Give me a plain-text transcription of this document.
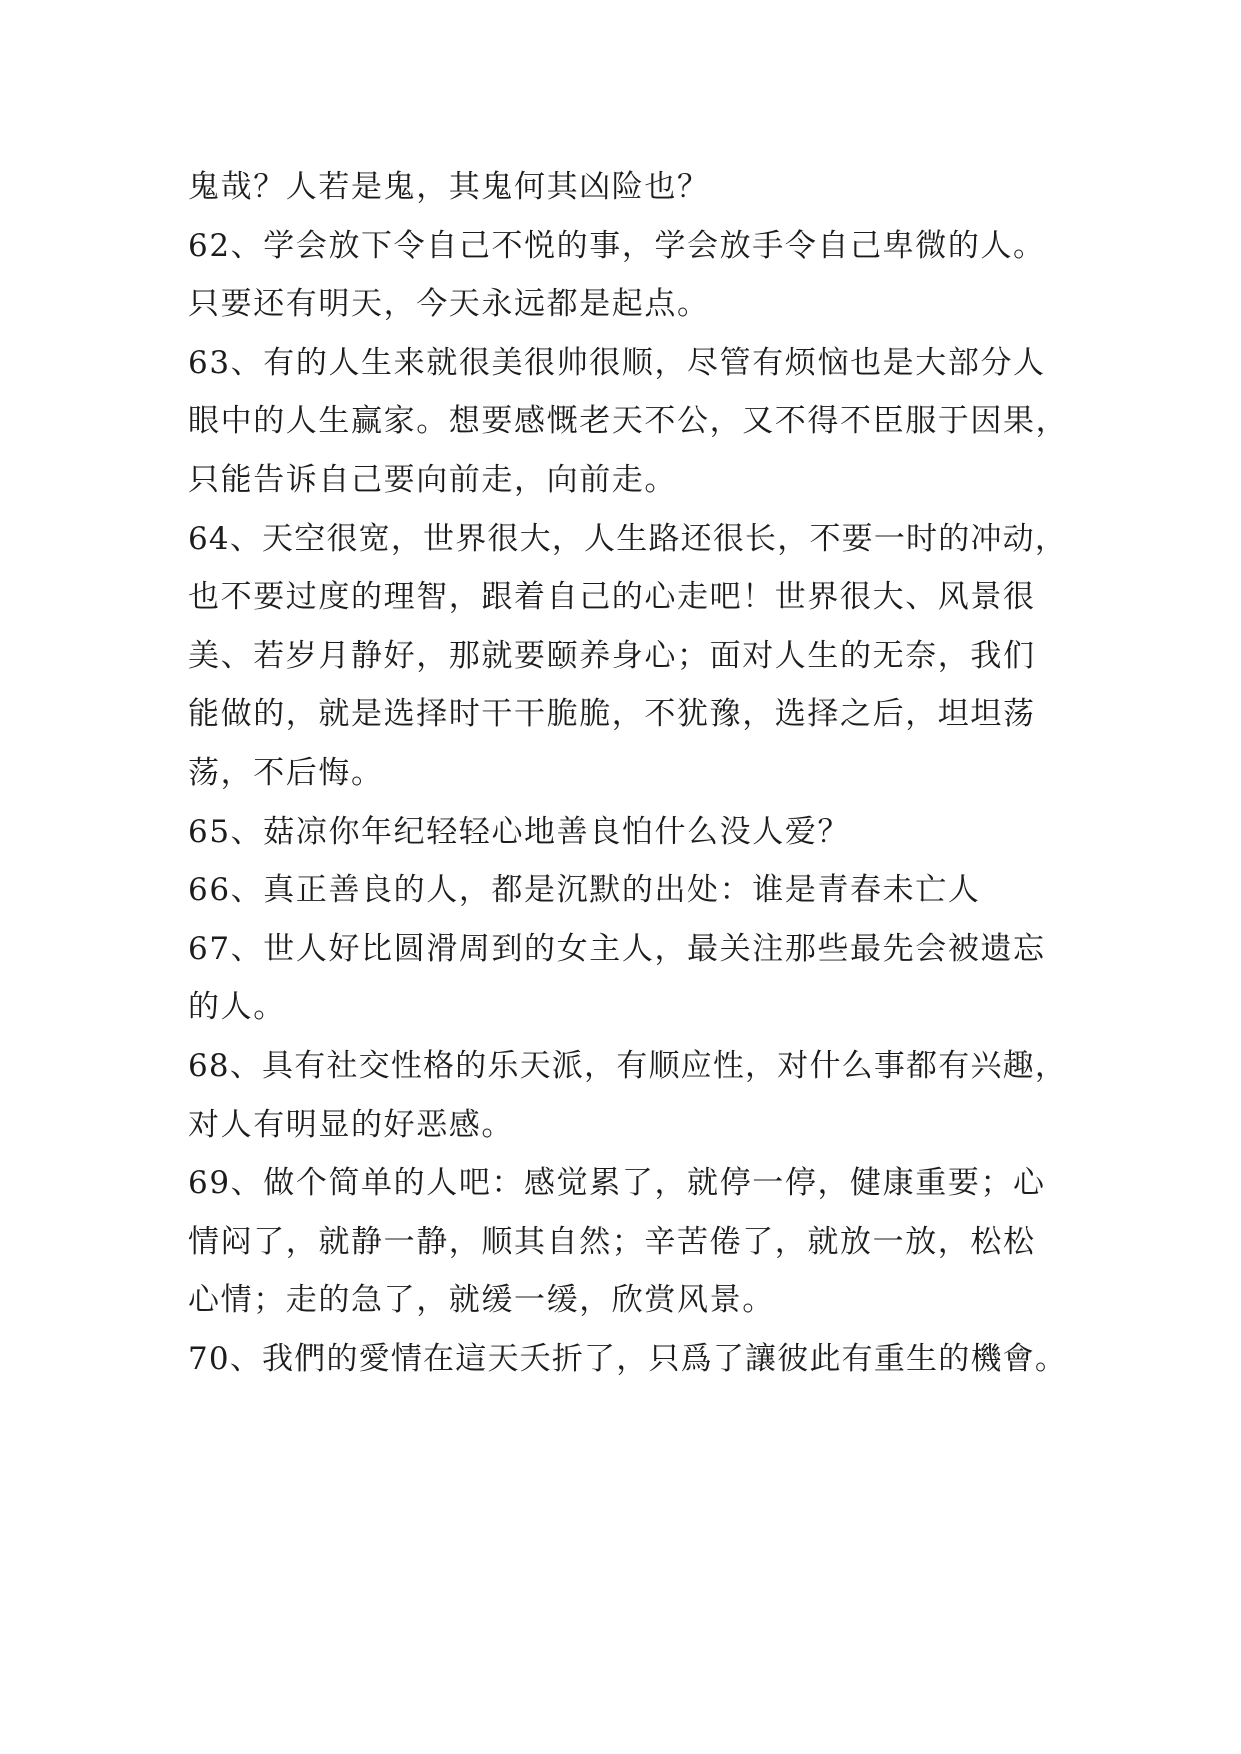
鬼哉？人若是鬼，其鬼何其凶险也？
62、学会放下令自己不悦的事，学会放手令自己卑微的人。
只要还有明天，今天永远都是起点。
63、有的人生来就很美很帅很顺，尽管有烦恼也是大部分人
眼中的人生赢家。想要感慨老天不公，又不得不臣服于因果，
只能告诉自己要向前走，向前走。
64、天空很宽，世界很大，人生路还很长，不要一时的冲动，
也不要过度的理智，跟着自己的心走吧！世界很大、风景很
美、若岁月静好，那就要颐养身心；面对人生的无奈，我们
能做的，就是选择时干干脆脆，不犹豫，选择之后，坦坦荡
荡，不后悔。
65、菇凉你年纪轻轻心地善良怕什么没人爱？
66、真正善良的人，都是沉默的出处：谁是青春未亡人
67、世人好比圆滑周到的女主人，最关注那些最先会被遗忘
的人。
68、具有社交性格的乐天派，有顺应性，对什么事都有兴趣，
对人有明显的好恶感。
69、做个简单的人吧：感觉累了，就停一停，健康重要；心
情闷了，就静一静，顺其自然；辛苦倦了，就放一放，松松
心情；走的急了，就缓一缓，欣赏风景。
70、我們的愛情在這天夭折了，只爲了讓彼此有重生的機會。
